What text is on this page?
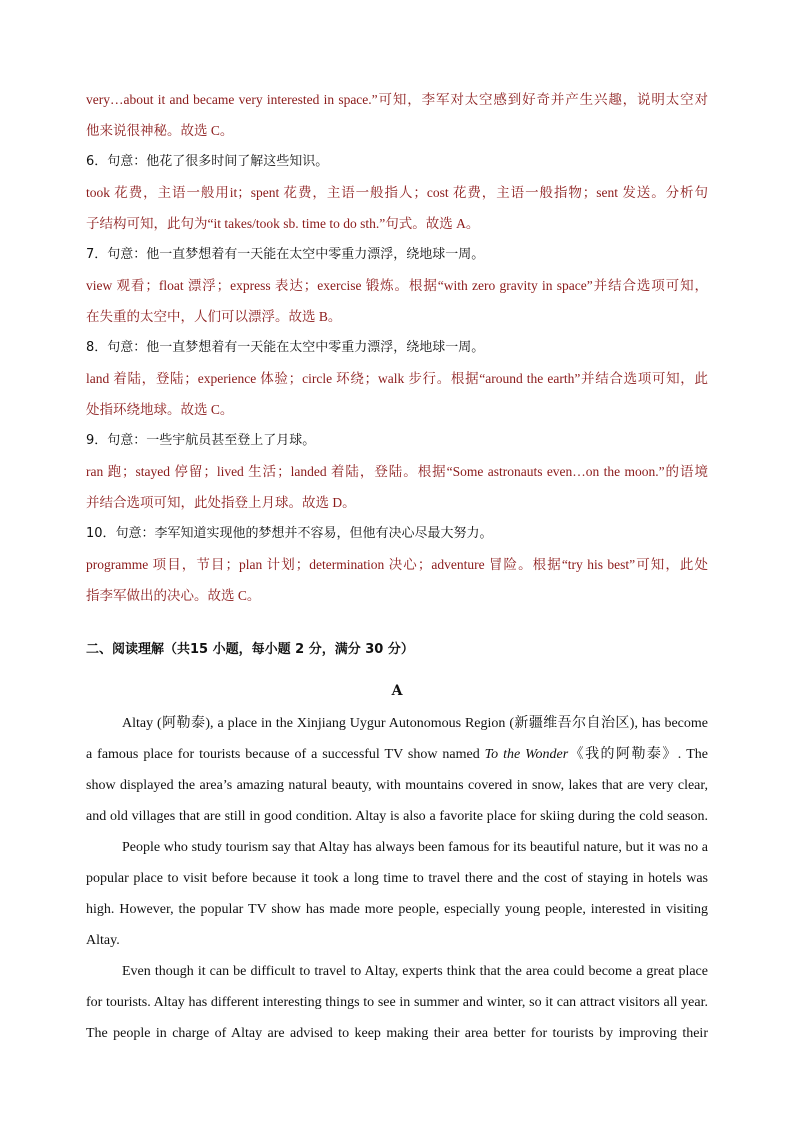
very…about it and became very interested in space.”可知，李军对太空感到好奇并产生兴趣，说明太空对
他来说很神秘。故选 C。
6．句意：他花了很多时间了解这些知识。
took 花费，主语一般用it；spent 花费，主语一般指人；cost 花费，主语一般指物；sent 发送。分析句
子结构可知，此句为“it takes/took sb. time to do sth.”句式。故选 A。
7．句意：他一直梦想着有一天能在太空中零重力漂浮，绕地球一周。
view 观看；float 漂浮；express 表达；exercise 锻炼。根据“with zero gravity in space”并结合选项可知，
在失重的太空中，人们可以漂浮。故选 B。
8．句意：他一直梦想着有一天能在太空中零重力漂浮，绕地球一周。
land 着陆，登陆；experience 体验；circle 环绕；walk 步行。根据“around the earth”并结合选项可知，此
处指环绕地球。故选 C。
9．句意：一些宇航员甚至登上了月球。
ran 跑；stayed 停留；lived 生活；landed 着陆，登陆。根据“Some astronauts even…on the moon.”的语境
并结合选项可知，此处指登上月球。故选 D。
10．句意：李军知道实现他的梦想并不容易，但他有决心尽最大努力。
programme 项目，节目；plan 计划；determination 决心；adventure 冒险。根据“try his best”可知，此处
指李军做出的决心。故选 C。
二、阅读理解（共15 小题，每小题 2 分，满分 30 分）
A
Altay (阿勒泰), a place in the Xinjiang Uygur Autonomous Region (新疆维吾尔自治区), has become
a famous place for tourists because of a successful TV show named To the Wonder《我的阿勒泰》. The
show displayed the area’s amazing natural beauty, with mountains covered in snow, lakes that are very clear,
and old villages that are still in good condition. Altay is also a favorite place for skiing during the cold season.
People who study tourism say that Altay has always been famous for its beautiful nature, but it was no a
popular place to visit before because it took a long time to travel there and the cost of staying in hotels was
high. However, the popular TV show has made more people, especially young people, interested in visiting
Altay.
Even though it can be difficult to travel to Altay, experts think that the area could become a great place
for tourists. Altay has different interesting things to see in summer and winter, so it can attract visitors all year.
The people in charge of Altay are advised to keep making their area better for tourists by improving their
